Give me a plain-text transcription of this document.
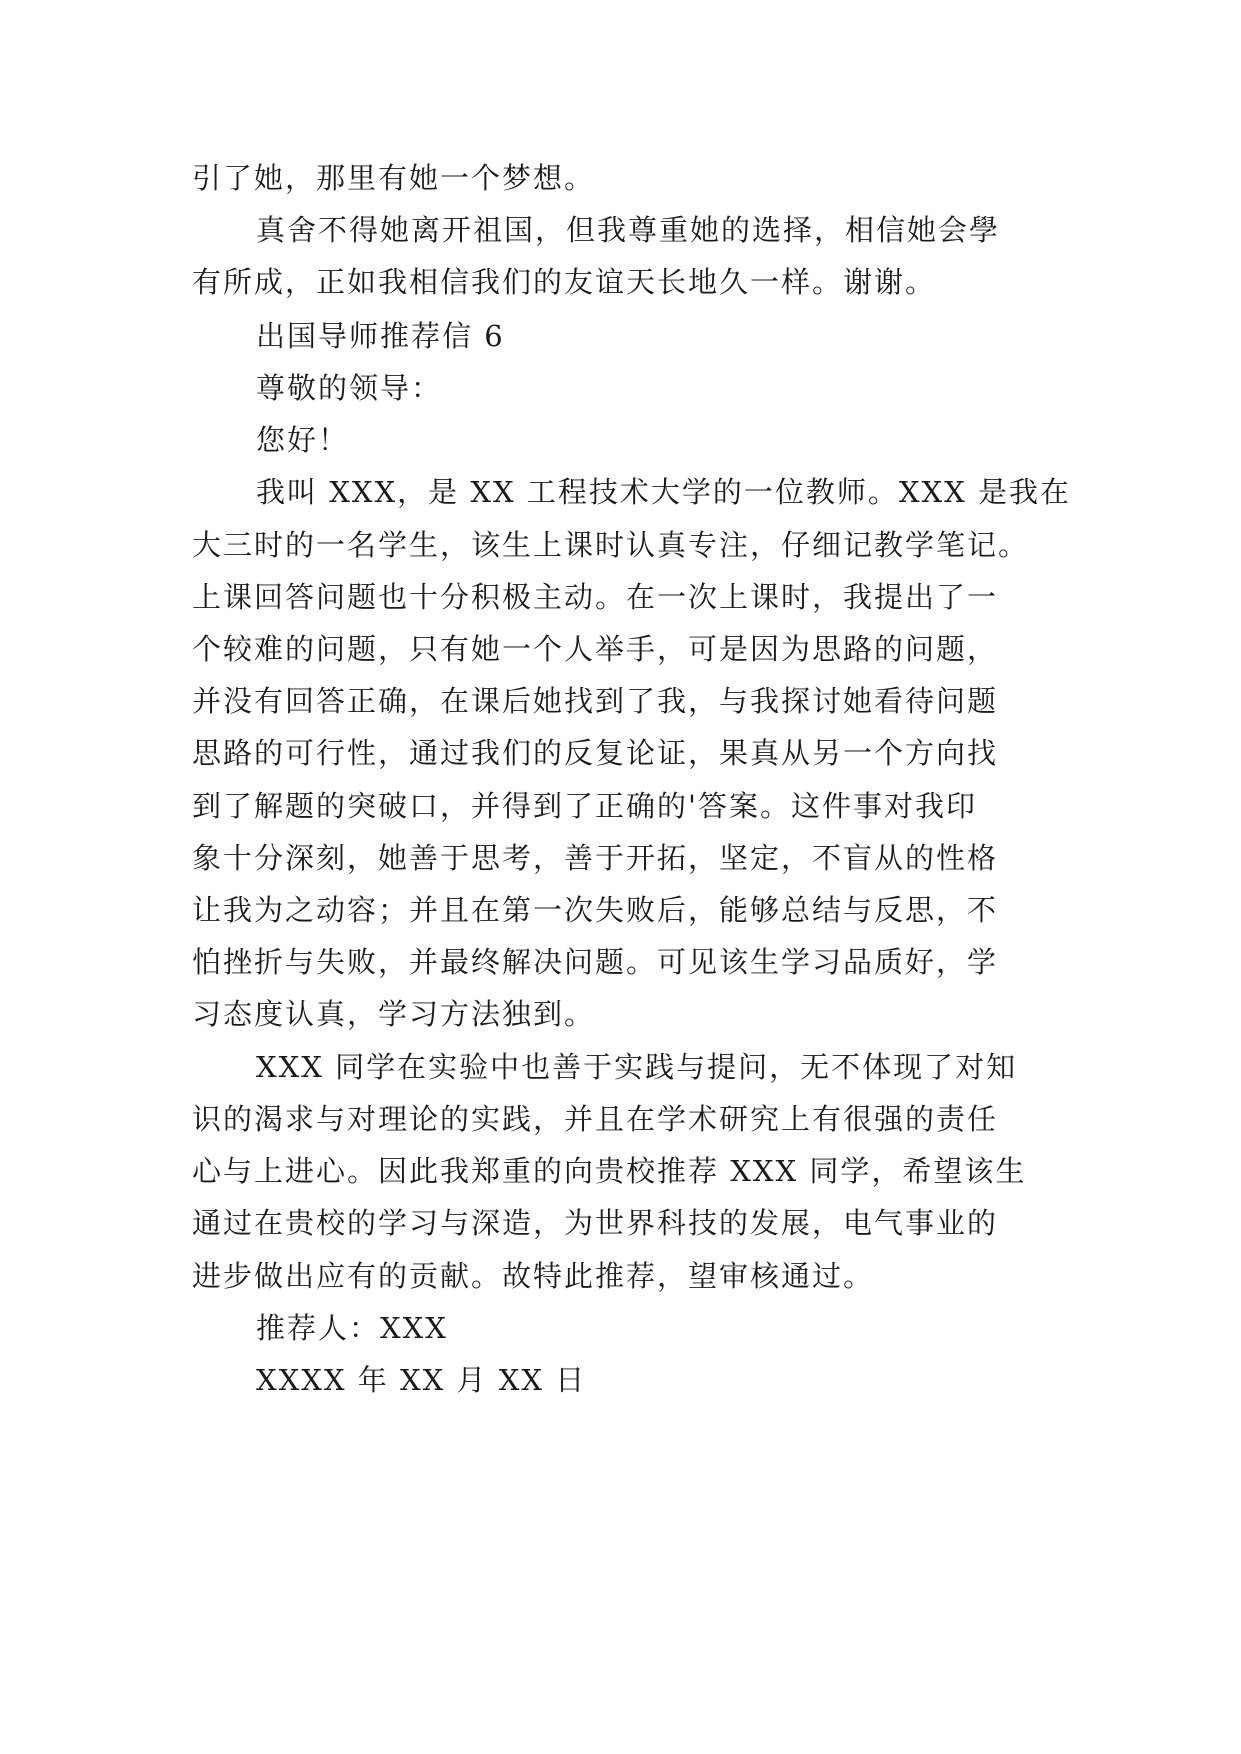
引了她，那里有她一个梦想。
真舍不得她离开祖国，但我尊重她的选择，相信她会學
有所成，正如我相信我们的友谊天长地久一样。谢谢。
出国导师推荐信 6
尊敬的领导：
您好！
我叫 XXX，是 XX 工程技术大学的一位教师。XXX 是我在
大三时的一名学生，该生上课时认真专注，仔细记教学笔记。
上课回答问题也十分积极主动。在一次上课时，我提出了一
个较难的问题，只有她一个人举手，可是因为思路的问题，
并没有回答正确，在课后她找到了我，与我探讨她看待问题
思路的可行性，通过我们的反复论证，果真从另一个方向找
到了解题的突破口，并得到了正确的'答案。这件事对我印
象十分深刻，她善于思考，善于开拓，坚定，不盲从的性格
让我为之动容；并且在第一次失败后，能够总结与反思，不
怕挫折与失败，并最终解决问题。可见该生学习品质好，学
习态度认真，学习方法独到。
XXX 同学在实验中也善于实践与提问，无不体现了对知
识的渴求与对理论的实践，并且在学术研究上有很强的责任
心与上进心。因此我郑重的向贵校推荐 XXX 同学，希望该生
通过在贵校的学习与深造，为世界科技的发展，电气事业的
进步做出应有的贡献。故特此推荐，望审核通过。
推荐人：XXX
XXXX 年 XX 月 XX 日
